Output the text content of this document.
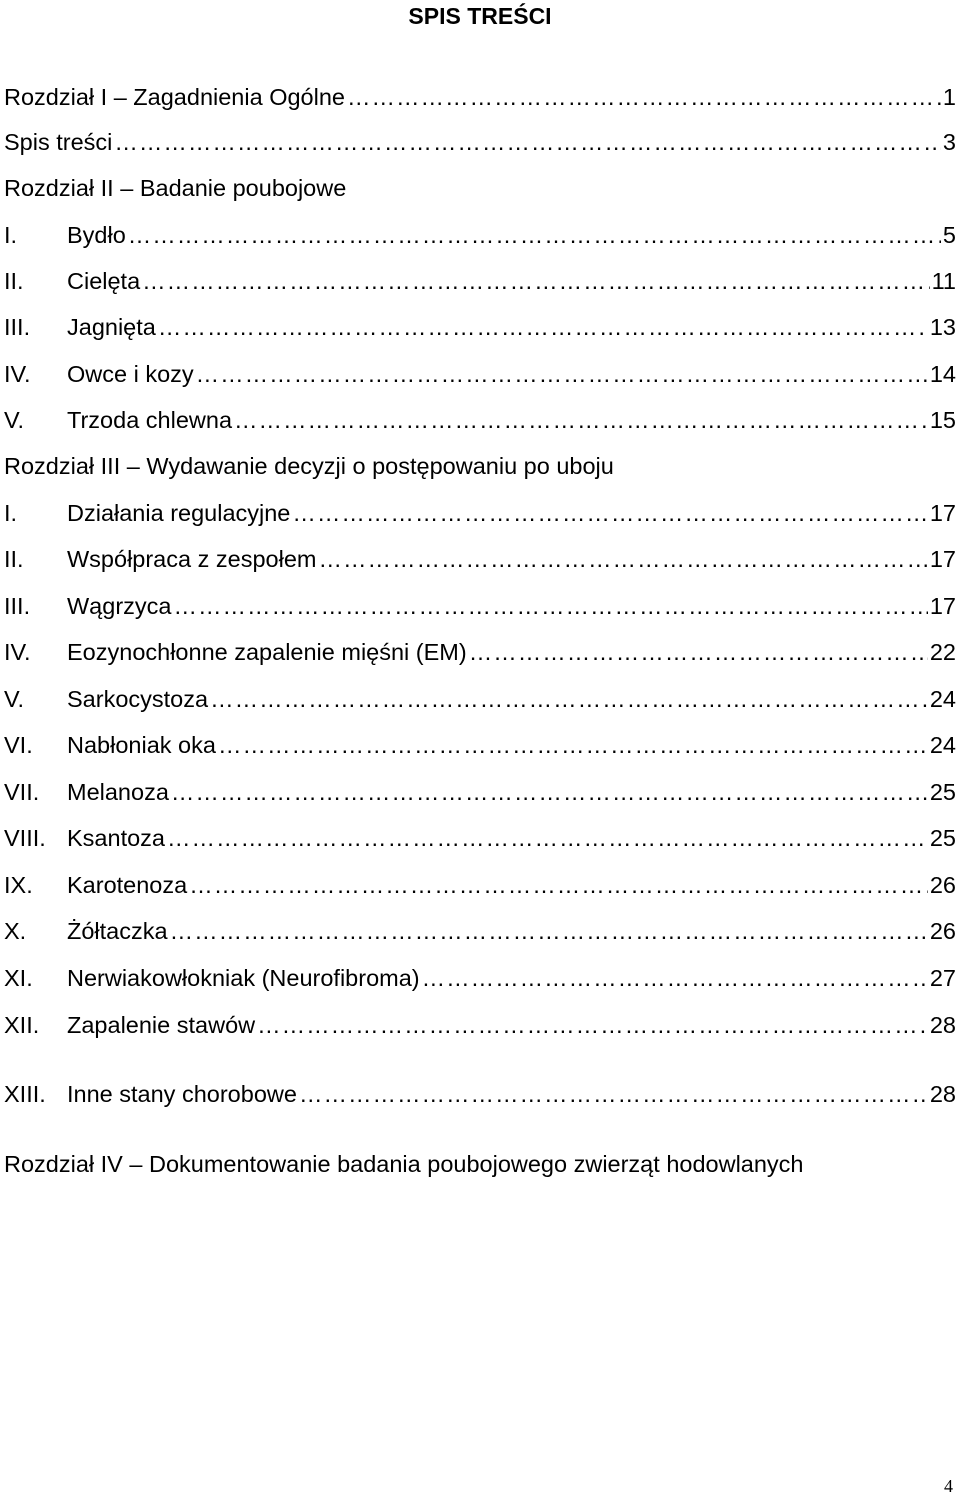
SPIS TREŚCI
Rozdział I – Zagadnienia Ogólne …………………………………………………………………………………………………………………………………………………………………………	1
Spis treści …………………………………………………………………………………………………………………………………………………………………………	3
Rozdział II – Badanie poubojowe
I.	Bydło …………………………………………………………………………………………………………………………………………………………………………	5
II.	Cielęta …………………………………………………………………………………………………………………………………………………………………………	11
III.	Jagnięta …………………………………………………………………………………………………………………………………………………………………………	13
IV.	Owce i kozy …………………………………………………………………………………………………………………………………………………………………………	14
V.	Trzoda chlewna …………………………………………………………………………………………………………………………………………………………………………	15
Rozdział III – Wydawanie decyzji o postępowaniu po uboju
I.	Działania regulacyjne …………………………………………………………………………………………………………………………………………………………………………	17
II.	Współpraca z zespołem …………………………………………………………………………………………………………………………………………………………………………	17
III.	Wągrzyca …………………………………………………………………………………………………………………………………………………………………………	17
IV.	Eozynochłonne zapalenie mięśni (EM) …………………………………………………………………………………………………………………………………………………………………………	22
V.	Sarkocystoza …………………………………………………………………………………………………………………………………………………………………………	24
VI.	Nabłoniak oka …………………………………………………………………………………………………………………………………………………………………………	24
VII.	Melanoza …………………………………………………………………………………………………………………………………………………………………………	25
VIII. Ksantoza …………………………………………………………………………………………………………………………………………………………………………	25
IX.	Karotenoza …………………………………………………………………………………………………………………………………………………………………………	26
X.	Żółtaczka …………………………………………………………………………………………………………………………………………………………………………	26
XI.	Nerwiakowłokniak (Neurofibroma) …………………………………………………………………………………………………………………………………………………………………………	27
XII.	Zapalenie stawów …………………………………………………………………………………………………………………………………………………………………………	28
XIII. Inne stany chorobowe …………………………………………………………………………………………………………………………………………………………………………	28
Rozdział IV – Dokumentowanie badania poubojowego zwierząt hodowlanych
4
